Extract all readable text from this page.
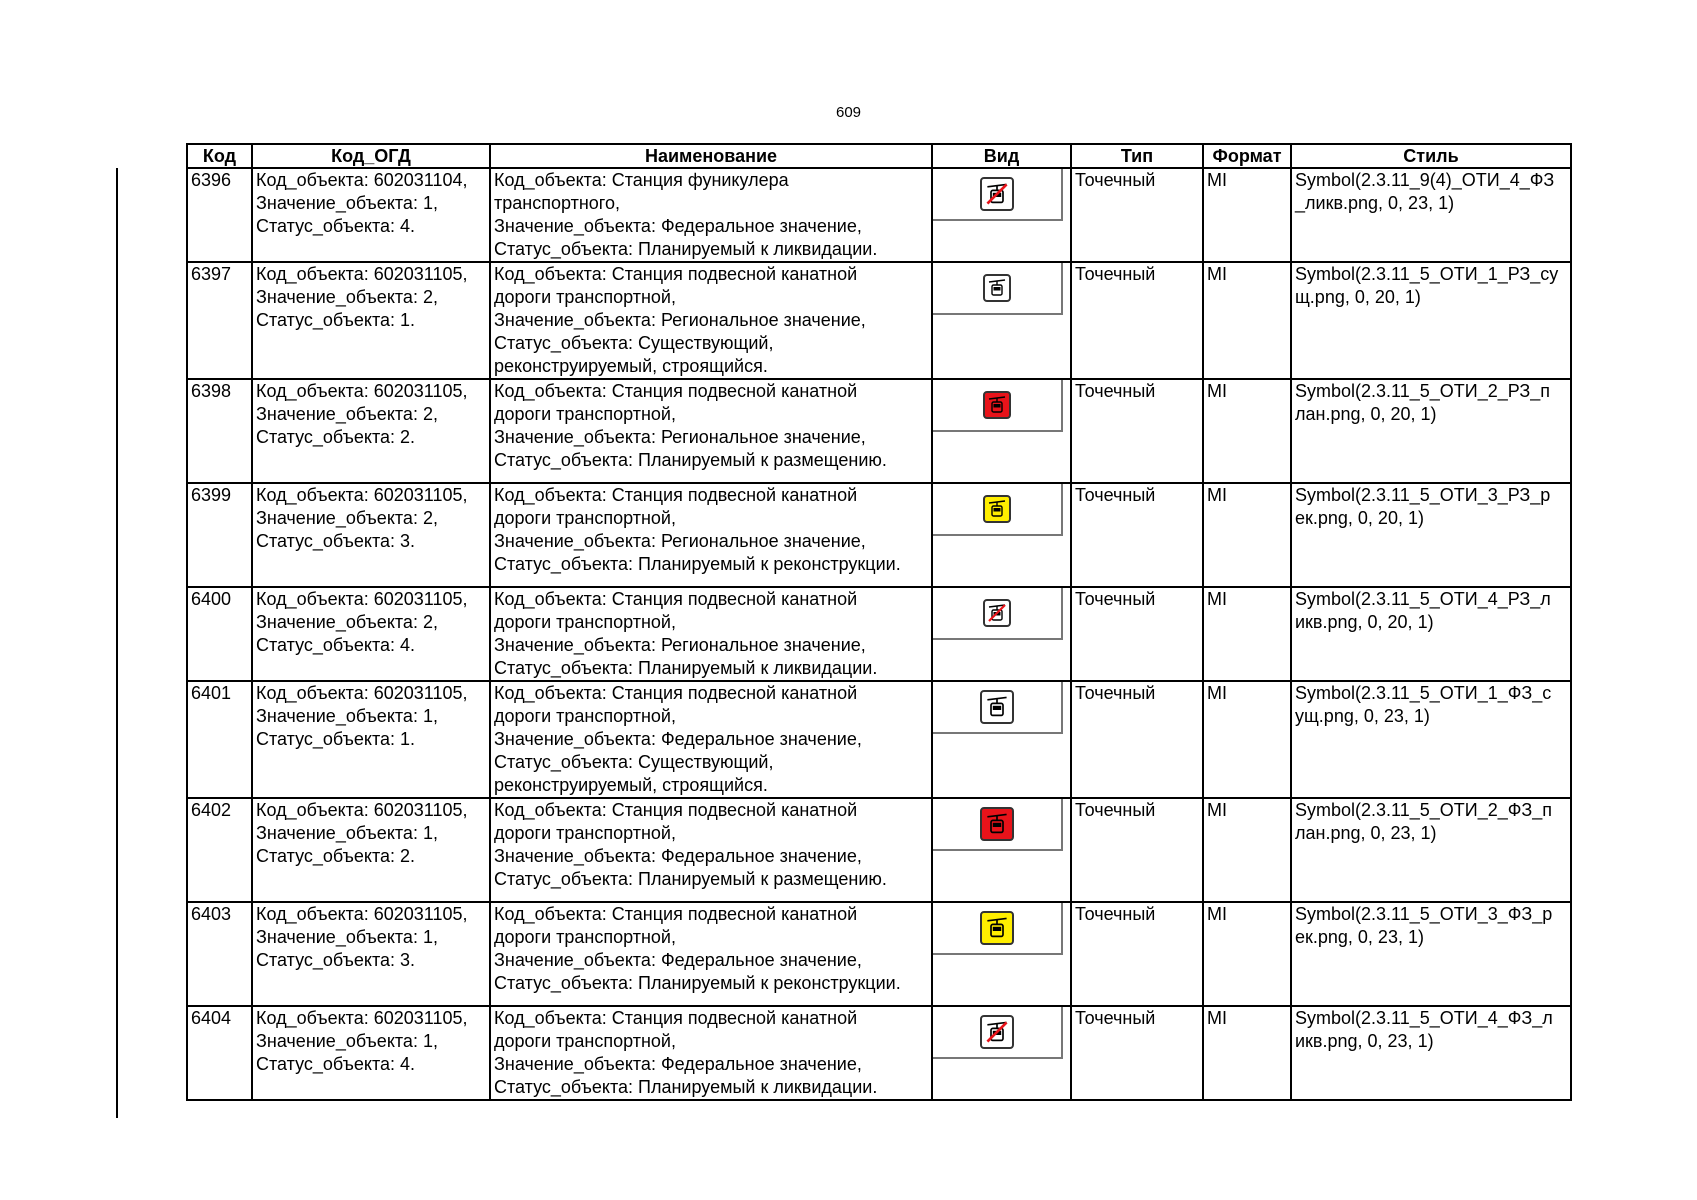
609
Код	Код_ОГД	Наименование	Вид	Тип	Формат	Стиль
6396	Код_объекта: 602031104,
Значение_объекта: 1,
Статус_объекта: 4.	Код_объекта: Станция фуникулера
транспортного,
Значение_объекта: Федеральное значение,
Статус_объекта: Планируемый к ликвидации.		Точечный	MI	Symbol(2.3.11_9(4)_ОТИ_4_ФЗ
_ликв.png, 0, 23, 1)
6397	Код_объекта: 602031105,
Значение_объекта: 2,
Статус_объекта: 1.	Код_объекта: Станция подвесной канатной
дороги транспортной,
Значение_объекта: Региональное значение,
Статус_объекта: Существующий,
реконструируемый, строящийся.		Точечный	MI	Symbol(2.3.11_5_ОТИ_1_РЗ_су
щ.png, 0, 20, 1)
6398	Код_объекта: 602031105,
Значение_объекта: 2,
Статус_объекта: 2.	Код_объекта: Станция подвесной канатной
дороги транспортной,
Значение_объекта: Региональное значение,
Статус_объекта: Планируемый к размещению.		Точечный	MI	Symbol(2.3.11_5_ОТИ_2_РЗ_п
лан.png, 0, 20, 1)
6399	Код_объекта: 602031105,
Значение_объекта: 2,
Статус_объекта: 3.	Код_объекта: Станция подвесной канатной
дороги транспортной,
Значение_объекта: Региональное значение,
Статус_объекта: Планируемый к реконструкции.		Точечный	MI	Symbol(2.3.11_5_ОТИ_3_РЗ_р
ек.png, 0, 20, 1)
6400	Код_объекта: 602031105,
Значение_объекта: 2,
Статус_объекта: 4.	Код_объекта: Станция подвесной канатной
дороги транспортной,
Значение_объекта: Региональное значение,
Статус_объекта: Планируемый к ликвидации.		Точечный	MI	Symbol(2.3.11_5_ОТИ_4_РЗ_л
икв.png, 0, 20, 1)
6401	Код_объекта: 602031105,
Значение_объекта: 1,
Статус_объекта: 1.	Код_объекта: Станция подвесной канатной
дороги транспортной,
Значение_объекта: Федеральное значение,
Статус_объекта: Существующий,
реконструируемый, строящийся.		Точечный	MI	Symbol(2.3.11_5_ОТИ_1_ФЗ_с
ущ.png, 0, 23, 1)
6402	Код_объекта: 602031105,
Значение_объекта: 1,
Статус_объекта: 2.	Код_объекта: Станция подвесной канатной
дороги транспортной,
Значение_объекта: Федеральное значение,
Статус_объекта: Планируемый к размещению.		Точечный	MI	Symbol(2.3.11_5_ОТИ_2_ФЗ_п
лан.png, 0, 23, 1)
6403	Код_объекта: 602031105,
Значение_объекта: 1,
Статус_объекта: 3.	Код_объекта: Станция подвесной канатной
дороги транспортной,
Значение_объекта: Федеральное значение,
Статус_объекта: Планируемый к реконструкции.		Точечный	MI	Symbol(2.3.11_5_ОТИ_3_ФЗ_р
ек.png, 0, 23, 1)
6404	Код_объекта: 602031105,
Значение_объекта: 1,
Статус_объекта: 4.	Код_объекта: Станция подвесной канатной
дороги транспортной,
Значение_объекта: Федеральное значение,
Статус_объекта: Планируемый к ликвидации.		Точечный	MI	Symbol(2.3.11_5_ОТИ_4_ФЗ_л
икв.png, 0, 23, 1)
